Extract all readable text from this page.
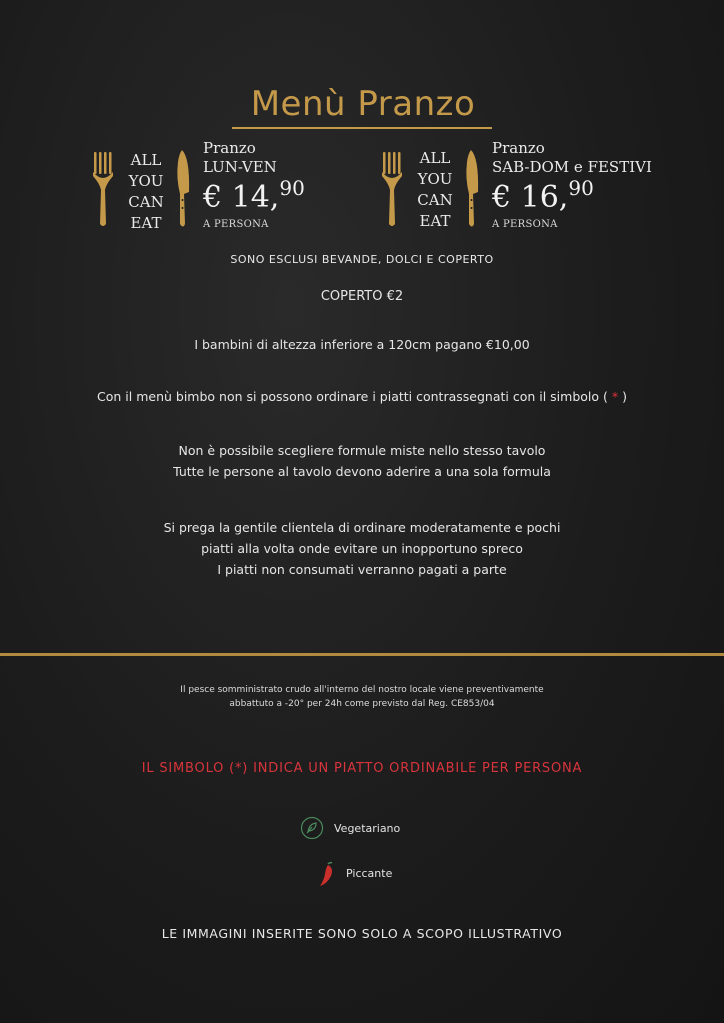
Menù Pranzo
ALL
YOU
CAN
EAT
Pranzo
LUN-VEN
€ 14,90
A PERSONA
ALL
YOU
CAN
EAT
Pranzo
SAB-DOM e FESTIVI
€ 16,90
A PERSONA
SONO ESCLUSI BEVANDE, DOLCI E COPERTO
COPERTO €2
I bambini di altezza inferiore a 120cm pagano €10,00
Con il menù bimbo non si possono ordinare i piatti contrassegnati con il simbolo ( * )
Non è possibile scegliere formule miste nello stesso tavolo
Tutte le persone al tavolo devono aderire a una sola formula
Si prega la gentile clientela di ordinare moderatamente e pochi
piatti alla volta onde evitare un inopportuno spreco
I piatti non consumati verranno pagati a parte
Il pesce somministrato crudo all'interno del nostro locale viene preventivamente
abbattuto a -20° per 24h come previsto dal Reg. CE853/04
IL SIMBOLO (*) INDICA UN PIATTO ORDINABILE PER PERSONA
Vegetariano
Piccante
LE IMMAGINI INSERITE SONO SOLO A SCOPO ILLUSTRATIVO
